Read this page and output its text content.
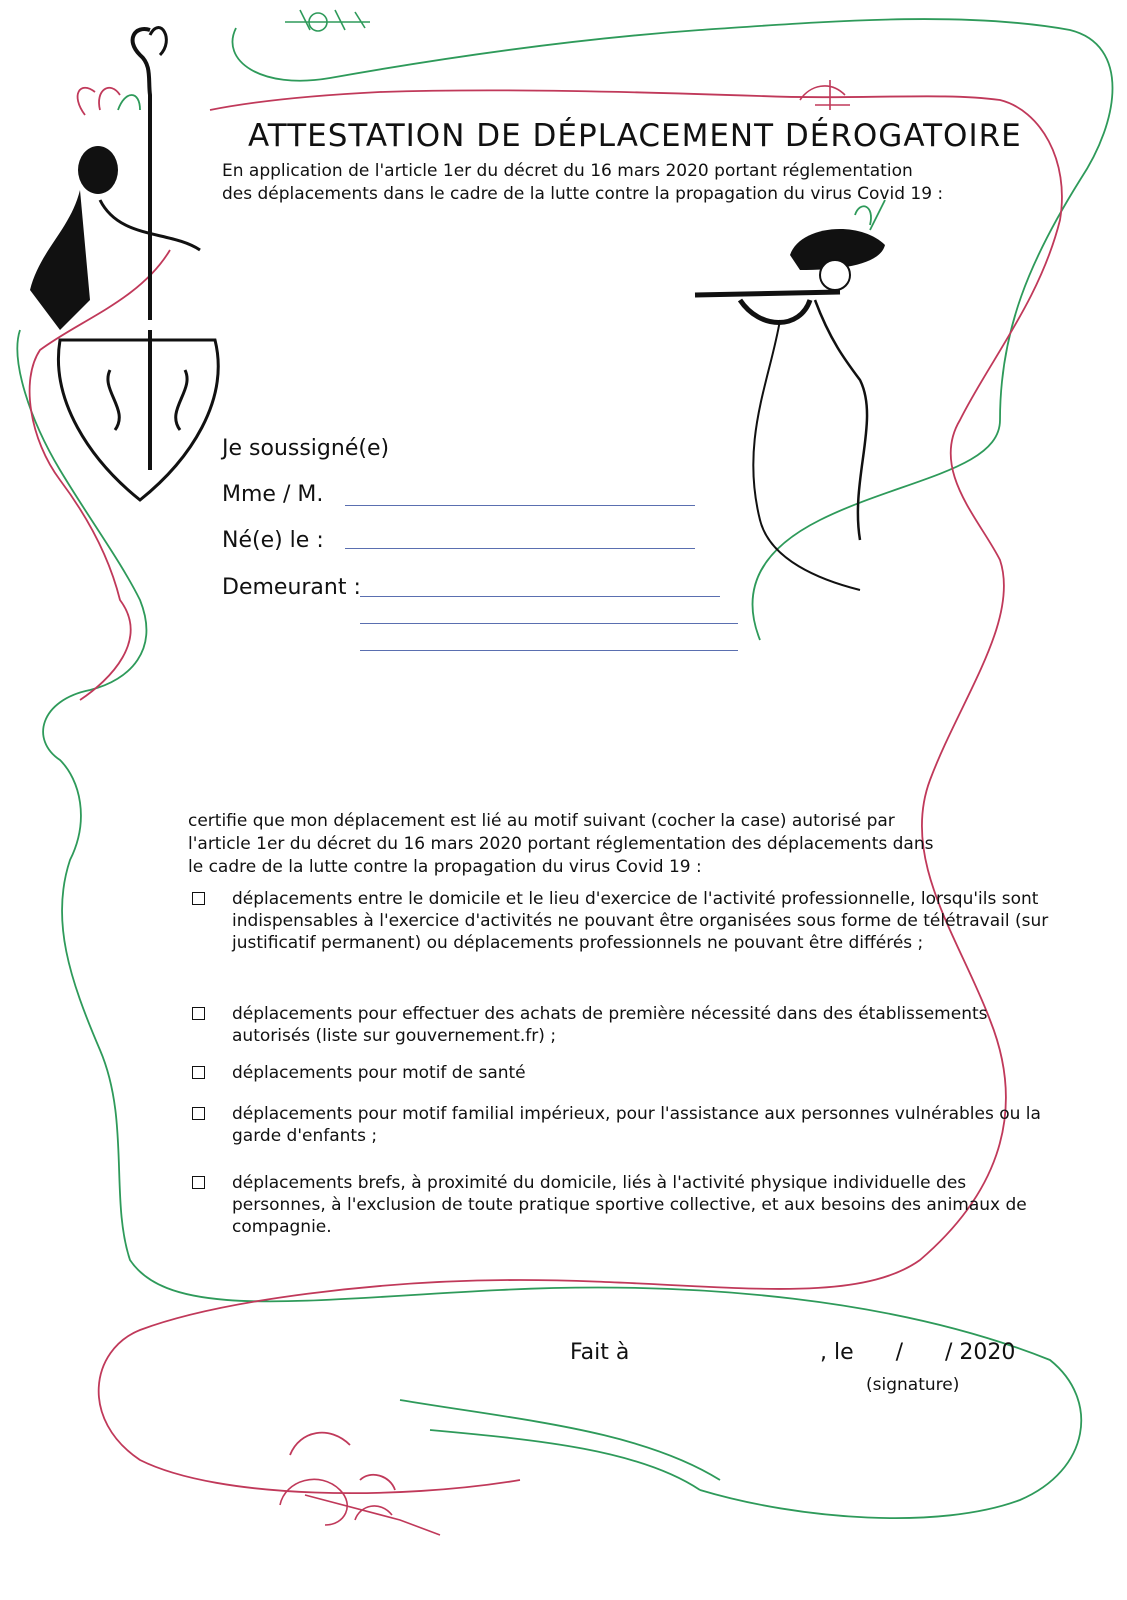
ATTESTATION DE DÉPLACEMENT DÉROGATOIRE
En application de l'article 1er du décret du 16 mars 2020 portant réglementation
des déplacements dans le cadre de la lutte contre la propagation du virus Covid 19 :
Je soussigné(e)
Mme / M.
Né(e) le :
Demeurant :
certifie que mon déplacement est lié au motif suivant (cocher la case) autorisé par
l'article 1er du décret du 16 mars 2020 portant réglementation des déplacements dans
le cadre de la lutte contre la propagation du virus Covid 19 :
déplacements entre le domicile et le lieu d'exercice de l'activité professionnelle, lorsqu'ils sont indispensables à l'exercice d'activités ne pouvant être organisées sous forme de télétravail (sur justificatif permanent) ou déplacements professionnels ne pouvant être différés ;
déplacements pour effectuer des achats de première nécessité dans des établissements autorisés (liste sur gouvernement.fr) ;
déplacements pour motif de santé
déplacements pour motif familial impérieux, pour l'assistance aux personnes vulnérables ou la garde d'enfants ;
déplacements brefs, à proximité du domicile, liés à l'activité physique individuelle des personnes, à l'exclusion de toute pratique sportive collective, et aux besoins des animaux de compagnie.
Fait à	, le      /      / 2020
(signature)
